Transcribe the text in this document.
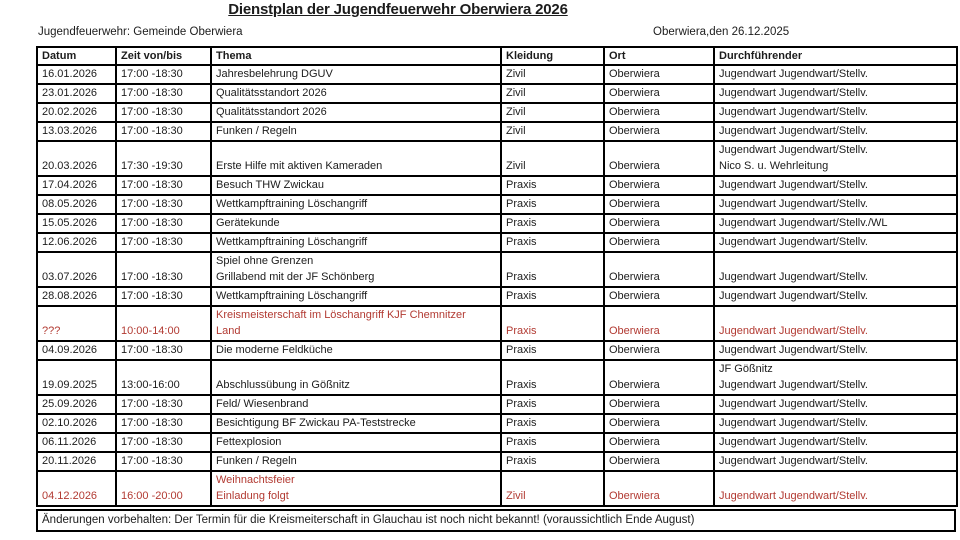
Dienstplan der Jugendfeuerwehr Oberwiera 2026
Jugendfeuerwehr: Gemeinde Oberwiera	Oberwiera,den 26.12.2025
Datum	Zeit von/bis	Thema	Kleidung	Ort	Durchführender

16.01.2026	17:00 -18:30	Jahresbelehrung DGUV	Zivil	Oberwiera	Jugendwart Jugendwart/Stellv.

23.01.2026	17:00 -18:30	Qualitätsstandort 2026	Zivil	Oberwiera	Jugendwart Jugendwart/Stellv.

20.02.2026	17:00 -18:30	Qualitätsstandort 2026	Zivil	Oberwiera	Jugendwart Jugendwart/Stellv.

13.03.2026	17:00 -18:30	Funken / Regeln	Zivil	Oberwiera	Jugendwart Jugendwart/Stellv.

20.03.2026	17:30 -19:30	Erste Hilfe mit aktiven Kameraden	Zivil	Oberwiera	Jugendwart Jugendwart/Stellv.
Nico S. u. Wehrleitung

17.04.2026	17:00 -18:30	Besuch THW Zwickau	Praxis	Oberwiera	Jugendwart Jugendwart/Stellv.

08.05.2026	17:00 -18:30	Wettkampftraining Löschangriff	Praxis	Oberwiera	Jugendwart Jugendwart/Stellv.

15.05.2026	17:00 -18:30	Gerätekunde	Praxis	Oberwiera	Jugendwart Jugendwart/Stellv./WL

12.06.2026	17:00 -18:30	Wettkampftraining Löschangriff	Praxis	Oberwiera	Jugendwart Jugendwart/Stellv.

03.07.2026	17:00 -18:30	Spiel ohne Grenzen
Grillabend mit der JF Schönberg	Praxis	Oberwiera	Jugendwart Jugendwart/Stellv.

28.08.2026	17:00 -18:30	Wettkampftraining Löschangriff	Praxis	Oberwiera	Jugendwart Jugendwart/Stellv.

???	10:00-14:00	Kreismeisterschaft im Löschangriff KJF Chemnitzer
Land	Praxis	Oberwiera	Jugendwart Jugendwart/Stellv.

04.09.2026	17:00 -18:30	Die moderne Feldküche	Praxis	Oberwiera	Jugendwart Jugendwart/Stellv.

19.09.2025	13:00-16:00	Abschlussübung in Gößnitz	Praxis	Oberwiera	JF Gößnitz
Jugendwart Jugendwart/Stellv.

25.09.2026	17:00 -18:30	Feld/ Wiesenbrand	Praxis	Oberwiera	Jugendwart Jugendwart/Stellv.

02.10.2026	17:00 -18:30	Besichtigung BF Zwickau PA-Teststrecke	Praxis	Oberwiera	Jugendwart Jugendwart/Stellv.

06.11.2026	17:00 -18:30	Fettexplosion	Praxis	Oberwiera	Jugendwart Jugendwart/Stellv.

20.11.2026	17:00 -18:30	Funken / Regeln	Praxis	Oberwiera	Jugendwart Jugendwart/Stellv.

04.12.2026	16:00 -20:00	Weihnachtsfeier
Einladung folgt	Zivil	Oberwiera	Jugendwart Jugendwart/Stellv.
Änderungen vorbehalten: Der Termin für die Kreismeiterschaft in Glauchau ist noch nicht bekannt! (voraussichtlich Ende August)
